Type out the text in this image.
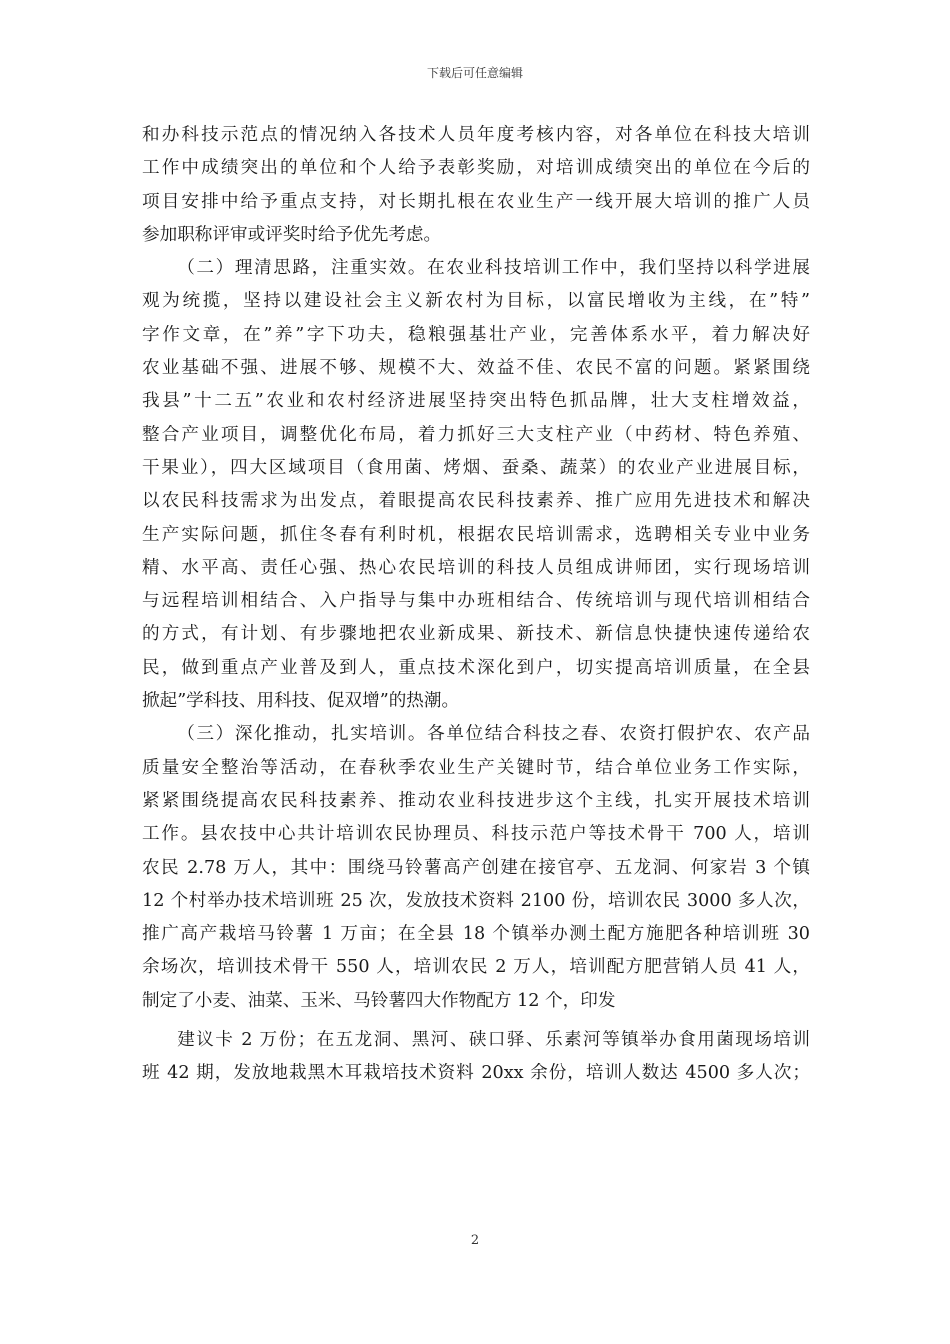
下载后可任意编辑
和办科技示范点的情况纳入各技术人员年度考核内容，对各单位在科技大培训
工作中成绩突出的单位和个人给予表彰奖励，对培训成绩突出的单位在今后的
项目安排中给予重点支持，对长期扎根在农业生产一线开展大培训的推广人员
参加职称评审或评奖时给予优先考虑。
（二）理清思路，注重实效。在农业科技培训工作中，我们坚持以科学进展
观为统揽，坚持以建设社会主义新农村为目标，以富民增收为主线，在”特”
字作文章，在”养”字下功夫，稳粮强基壮产业，完善体系水平，着力解决好
农业基础不强、进展不够、规模不大、效益不佳、农民不富的问题。紧紧围绕
我县”十二五”农业和农村经济进展坚持突出特色抓品牌，壮大支柱增效益，
整合产业项目，调整优化布局，着力抓好三大支柱产业（中药材、特色养殖、
干果业），四大区域项目（食用菌、烤烟、蚕桑、蔬菜）的农业产业进展目标，
以农民科技需求为出发点，着眼提高农民科技素养、推广应用先进技术和解决
生产实际问题，抓住冬春有利时机，根据农民培训需求，选聘相关专业中业务
精、水平高、责任心强、热心农民培训的科技人员组成讲师团，实行现场培训
与远程培训相结合、入户指导与集中办班相结合、传统培训与现代培训相结合
的方式，有计划、有步骤地把农业新成果、新技术、新信息快捷快速传递给农
民，做到重点产业普及到人，重点技术深化到户，切实提高培训质量，在全县
掀起”学科技、用科技、促双增”的热潮。
（三）深化推动，扎实培训。各单位结合科技之春、农资打假护农、农产品
质量安全整治等活动，在春秋季农业生产关键时节，结合单位业务工作实际，
紧紧围绕提高农民科技素养、推动农业科技进步这个主线，扎实开展技术培训
工作。县农技中心共计培训农民协理员、科技示范户等技术骨干 700 人，培训
农民 2.78 万人，其中：围绕马铃薯高产创建在接官亭、五龙洞、何家岩 3 个镇
12 个村举办技术培训班 25 次，发放技术资料 2100 份，培训农民 3000 多人次，
推广高产栽培马铃薯 1 万亩；在全县 18 个镇举办测土配方施肥各种培训班 30
余场次，培训技术骨干 550 人，培训农民 2 万人，培训配方肥营销人员 41 人，
制定了小麦、油菜、玉米、马铃薯四大作物配方 12 个，印发
建议卡 2 万份；在五龙洞、黑河、硖口驿、乐素河等镇举办食用菌现场培训
班 42 期，发放地栽黑木耳栽培技术资料 20xx 余份，培训人数达 4500 多人次；
2
